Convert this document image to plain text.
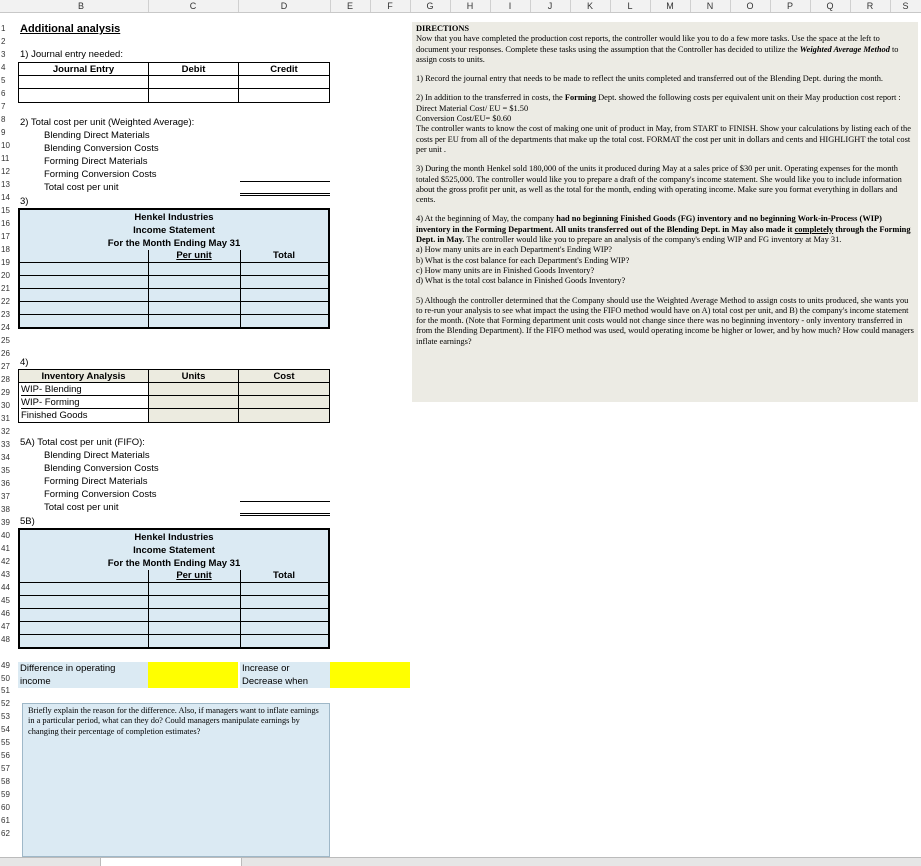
B	C	D	E	F	G	H	I	J	K	L	M	N	O	P	Q	R	S
1
2
3
4
5
6
7
8
9
10
11
12
13
14
15
16
17
18
19
20
21
22
23
24
25
26
27
28
29
30
31
32
33
34
35
36
37
38
39
40
41
42
43
44
45
46
47
48
49
50
51
52
53
54
55
56
57
58
59
60
61
62
Additional analysis
1) Journal entry needed:
Journal Entry	Debit	Credit
2) Total cost per unit (Weighted Average):
Blending Direct Materials
Blending Conversion Costs
Forming Direct Materials
Forming Conversion Costs
Total cost per unit
3)
Henkel Industries
Income Statement
For the Month Ending May 31
Per unit	Total
4)
Inventory Analysis	Units	Cost
WIP- Blending
WIP- Forming
Finished Goods
5A) Total cost per unit (FIFO):
Blending Direct Materials
Blending Conversion Costs
Forming Direct Materials
Forming Conversion Costs
Total cost per unit
5B)
Henkel Industries
Income Statement
For the Month Ending May 31
Per unit	Total
Difference in operating
income
Increase or
Decrease when
Briefly explain the reason for the difference. Also, if managers want to inflate earnings in a particular period, what can they do? Could managers manipulate earnings by changing their percentage of completion estimates?

DIRECTIONS

Now that you have completed the production cost reports, the controller would like you to do a few more tasks. Use the space at the left to document your responses. Complete these tasks using the assumption that the Controller has decided to utilize the Weighted Average Method to assign costs to units.

1) Record the journal entry that needs to be made to reflect the units completed and transferred out of the Blending Dept. during the month.

2) In addition to the transferred in costs, the Forming Dept. showed the following costs per equivalent unit on their May production cost report :

Direct Material Cost/ EU = $1.50

Conversion Cost/EU= $0.60

The controller wants to know the cost of making one unit of product in May, from START to FINISH. Show your calculations by listing each of the costs per EU from all of the departments that make up the total cost. FORMAT the cost per unit in dollars and cents and HIGHLIGHT the total cost per unit .

3) During the month Henkel sold 180,000 of the units it produced during May at a sales price of $30 per unit. Operating expenses for the month totaled $525,000. The controller would like you to prepare a draft of the company's income statement. She would like you to include information about the gross profit per unit, as well as the total for the month, ending with operating income. Make sure you format everything in dollars and cents.

4) At the beginning of May, the company had no beginning Finished Goods (FG) inventory and no beginning Work-in-Process (WIP) inventory in the Forming Department. All units transferred out of the Blending Dept. in May also made it completely through the Forming Dept. in May. The controller would like you to prepare an analysis of the company's ending WIP and FG inventory at May 31.

a) How many units are in each Department's Ending WIP?

b) What is the cost balance for each Department's Ending WIP?

c) How many units are in Finished Goods Inventory?

d) What is the total cost balance in Finished Goods Inventory?

5) Although the controller determined that the Company should use the Weighted Average Method to assign costs to units produced, she wants you to re-run your analysis to see what impact the using the FIFO method would have on A) total cost per unit, and B) the company's income statement for the month. (Note that Forming department unit costs would not change since there was no beginning inventory - only inventory transferred in from the Blending Department). If the FIFO method was used, would operating income be higher or lower, and by how much? How could managers inflate earnings?
